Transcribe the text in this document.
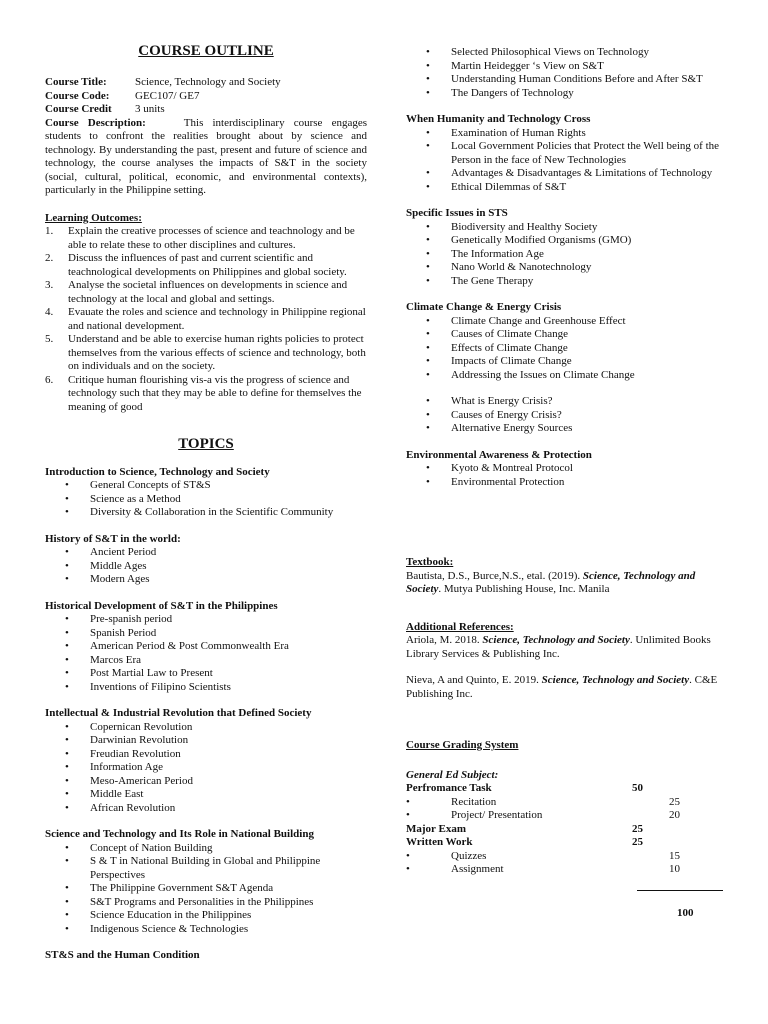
COURSE OUTLINE

Course Title:	Science, Technology and Society
Course Code:	GEC107/ GE7
Course Credit	3 units
Course Description:	This interdisciplinary course engages students to confront the realities brought about by science and technology. By understanding the past, present and future of science and technology, the course analyses the impacts of S&T in the society (social, cultural, political, economic, and environmental contexts), particularly in the Philippine setting.
Learning Outcomes:
1. Explain the creative processes of science and teachnology and be able to relate these to other disciplines and cultures.
2. Discuss the influences of past and current scientific and teachnological developments on Philippines and global society.
3. Analyse the societal influences on developments in science and technology at the local and global and settings.
4. Evauate the roles and science and technology in Philippine regional and national development.
5. Understand and be able to exercise human rights policies to protect themselves from the various effects of science and technology, both on individuals and on the society.
6. Critique human flourishing vis-a vis the progress of science and technology such that they may be able to define for themselves the meaning of good
TOPICS
Introduction to Science, Technology and Society
• General Concepts of ST&S
• Science as a Method
• Diversity & Collaboration in the Scientific Community
History of S&T in the world:
• Ancient Period
• Middle Ages
• Modern Ages
Historical Development of S&T in the Philippines
• Pre-spanish period
• Spanish Period
• American Period & Post Commonwealth Era
• Marcos Era
• Post Martial Law to Present
• Inventions of Filipino Scientists
Intellectual & Industrial Revolution that Defined Society
• Copernican Revolution
• Darwinian Revolution
• Freudian Revolution
• Information Age
• Meso-American Period
• Middle East
• African Revolution
Science and Technology and Its Role in National Building
• Concept of Nation Building
• S & T in National Building in Global and Philippine Perspectives
• The Philippine Government S&T Agenda
• S&T Programs and Personalities in the Philippines
• Science Education in the Philippines
• Indigenous Science & Technologies
ST&S and the Human Condition
• Selected Philosophical Views on Technology
• Martin Heidegger ‘s View on S&T
• Understanding Human Conditions Before and After S&T
• The Dangers of Technology
When Humanity and Technology Cross
• Examination of Human Rights
• Local Government Policies that Protect the Well being of the Person in the face of New Technologies
• Advantages & Disadvantages & Limitations of Technology
• Ethical Dilemmas of S&T
Specific Issues in STS
• Biodiversity and Healthy Society
• Genetically Modified Organisms (GMO)
• The Information Age
• Nano World & Nanotechnology
• The Gene Therapy
Climate Change & Energy Crisis
• Climate Change and Greenhouse Effect
• Causes of Climate Change
• Effects of Climate Change
• Impacts of Climate Change
• Addressing the Issues on Climate Change
• What is Energy Crisis?
• Causes of Energy Crisis?
• Alternative Energy Sources
Environmental Awareness & Protection
• Kyoto & Montreal Protocol
• Environmental Protection
Textbook:
Bautista, D.S., Burce,N.S., etal. (2019). Science, Technology and Society. Mutya Publishing House, Inc. Manila
Additional References:
Ariola, M. 2018. Science, Technology and Society. Unlimited Books Library Services & Publishing Inc.
Nieva, A and Quinto, E. 2019. Science, Technology and Society. C&E Publishing Inc.
Course Grading System
General Ed Subject:
Perfromance Task	50
•	Recitation	25
•	Project/ Presentation	20
Major Exam	25
Written Work	25
•	Quizzes	15
•	Assignment	10
100
